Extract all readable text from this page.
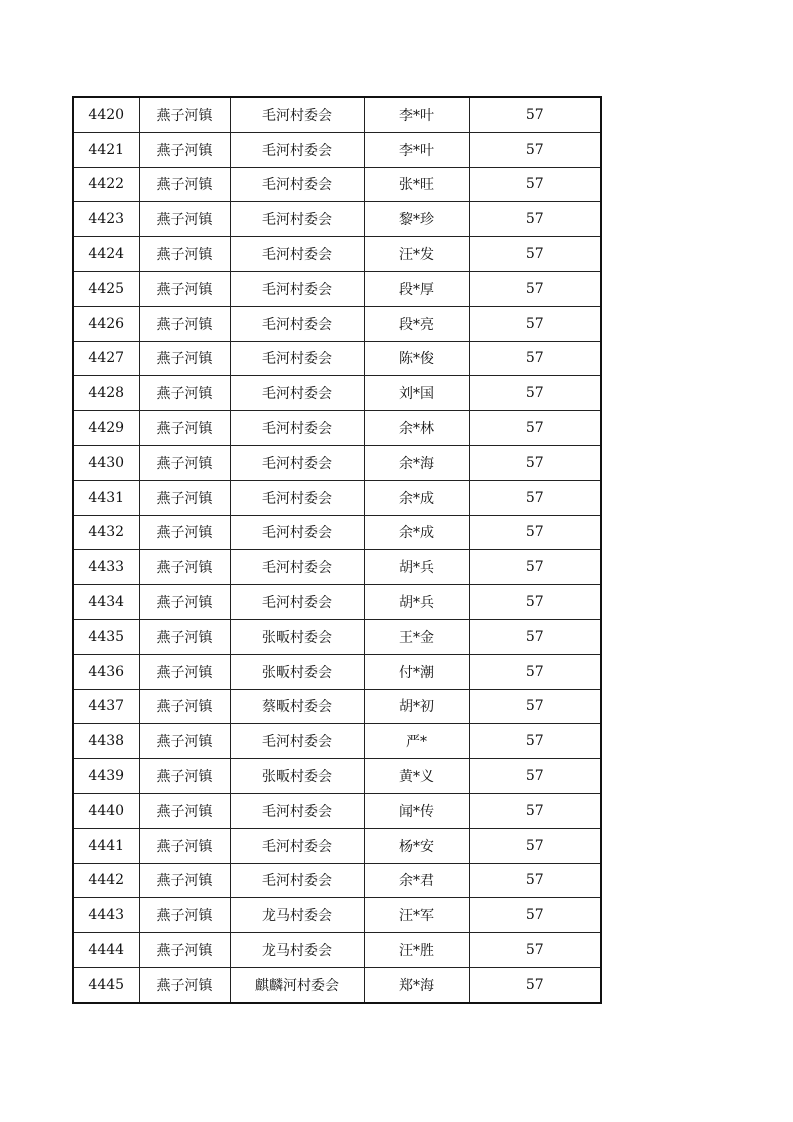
4420	燕子河镇	毛河村委会	李*叶	57
4421	燕子河镇	毛河村委会	李*叶	57
4422	燕子河镇	毛河村委会	张*旺	57
4423	燕子河镇	毛河村委会	黎*珍	57
4424	燕子河镇	毛河村委会	汪*发	57
4425	燕子河镇	毛河村委会	段*厚	57
4426	燕子河镇	毛河村委会	段*亮	57
4427	燕子河镇	毛河村委会	陈*俊	57
4428	燕子河镇	毛河村委会	刘*国	57
4429	燕子河镇	毛河村委会	余*林	57
4430	燕子河镇	毛河村委会	余*海	57
4431	燕子河镇	毛河村委会	余*成	57
4432	燕子河镇	毛河村委会	余*成	57
4433	燕子河镇	毛河村委会	胡*兵	57
4434	燕子河镇	毛河村委会	胡*兵	57
4435	燕子河镇	张畈村委会	王*金	57
4436	燕子河镇	张畈村委会	付*潮	57
4437	燕子河镇	蔡畈村委会	胡*初	57
4438	燕子河镇	毛河村委会	严*	57
4439	燕子河镇	张畈村委会	黄*义	57
4440	燕子河镇	毛河村委会	闻*传	57
4441	燕子河镇	毛河村委会	杨*安	57
4442	燕子河镇	毛河村委会	余*君	57
4443	燕子河镇	龙马村委会	汪*军	57
4444	燕子河镇	龙马村委会	汪*胜	57
4445	燕子河镇	麒麟河村委会	郑*海	57
